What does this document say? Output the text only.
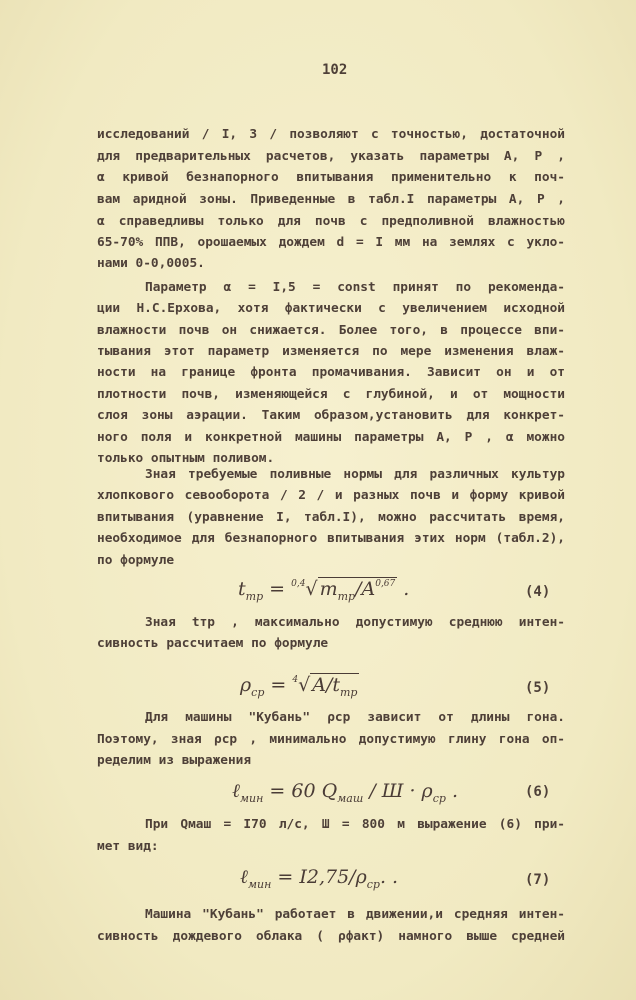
102
исследований / I, 3 / позволяют с точностью, достаточной
для предварительных расчетов, указать параметры А, P ,
α кривой безнапорного впитывания применительно к поч-
вам аридной зоны. Приведенные в табл.I параметры А, P ,
α справедливы только для почв с предполивной влажностью
65-70% ППВ, орошаемых дождем d = I мм на землях с укло-
нами 0-0,0005.
Параметр α = I,5 = const принят по рекоменда-
ции Н.С.Ерхова, хотя фактически с увеличением исходной
влажности почв он снижается. Более того, в процессе впи-
тывания этот параметр изменяется по мере изменения влаж-
ности на границе фронта промачивания. Зависит он и от
плотности почв, изменяющейся с глубиной, и от мощности
слоя зоны аэрации. Таким образом,установить для конкрет-
ного поля и конкретной машины параметры А, P , α можно
только опытным поливом.
Зная требуемые поливные нормы для различных культур
хлопкового севооборота / 2 / и разных почв и форму кривой
впитывания (уравнение I, табл.I), можно рассчитать время,
необходимое для безнапорного впитывания этих норм (табл.2),
по формуле
$t_{тр} = ^{0,4}√$ $m_{тр}/A^{0,67}$ .	(4)
Зная tтр , максимально допустимую среднюю интен-
сивность рассчитаем по формуле
$\rho_{ср} = ^4√$ $A/t_{тр}$	(5)
Для машины "Кубань" ρср зависит от длины гона.
Поэтому, зная ρср , минимально допустимую глину гона оп-
ределим из выражения
ℓ$_{мин}$ = 60 $Q_{маш} / Ш \cdot \rho_{ср}$ .	(6)
При Qмаш = I70 л/с, Ш = 800 м выражение (6) при-
мет вид:
ℓ$_{мин}$ = $I2,75/\rho_{ср}$. .	(7)
Машина "Кубань" работает в движении,и средняя интен-
сивность дождевого облака ( ρфакт) намного выше средней
